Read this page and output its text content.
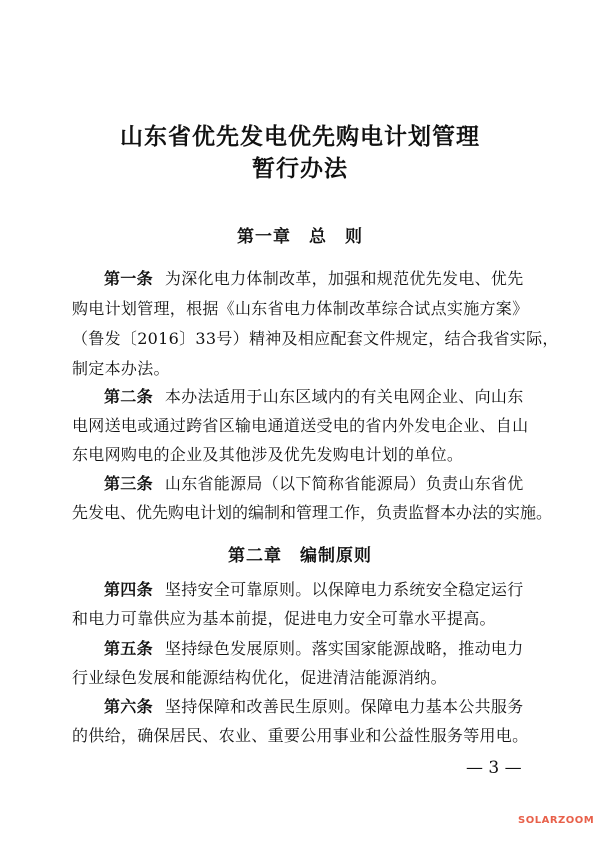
山东省优先发电优先购电计划管理
暂行办法
第一章　总　则
第一条 为深化电力体制改革，加强和规范优先发电、优先
购电计划管理，根据《山东省电力体制改革综合试点实施方案》
（鲁发〔2016〕33号）精神及相应配套文件规定，结合我省实际，
制定本办法。
第二条 本办法适用于山东区域内的有关电网企业、向山东
电网送电或通过跨省区输电通道送受电的省内外发电企业、自山
东电网购电的企业及其他涉及优先发购电计划的单位。
第三条 山东省能源局（以下简称省能源局）负责山东省优
先发电、优先购电计划的编制和管理工作，负责监督本办法的实施。
第二章　编制原则
第四条 坚持安全可靠原则。以保障电力系统安全稳定运行
和电力可靠供应为基本前提，促进电力安全可靠水平提高。
第五条 坚持绿色发展原则。落实国家能源战略，推动电力
行业绿色发展和能源结构优化，促进清洁能源消纳。
第六条 坚持保障和改善民生原则。保障电力基本公共服务
的供给，确保居民、农业、重要公用事业和公益性服务等用电。
— 3 —
SOLARZOOM
